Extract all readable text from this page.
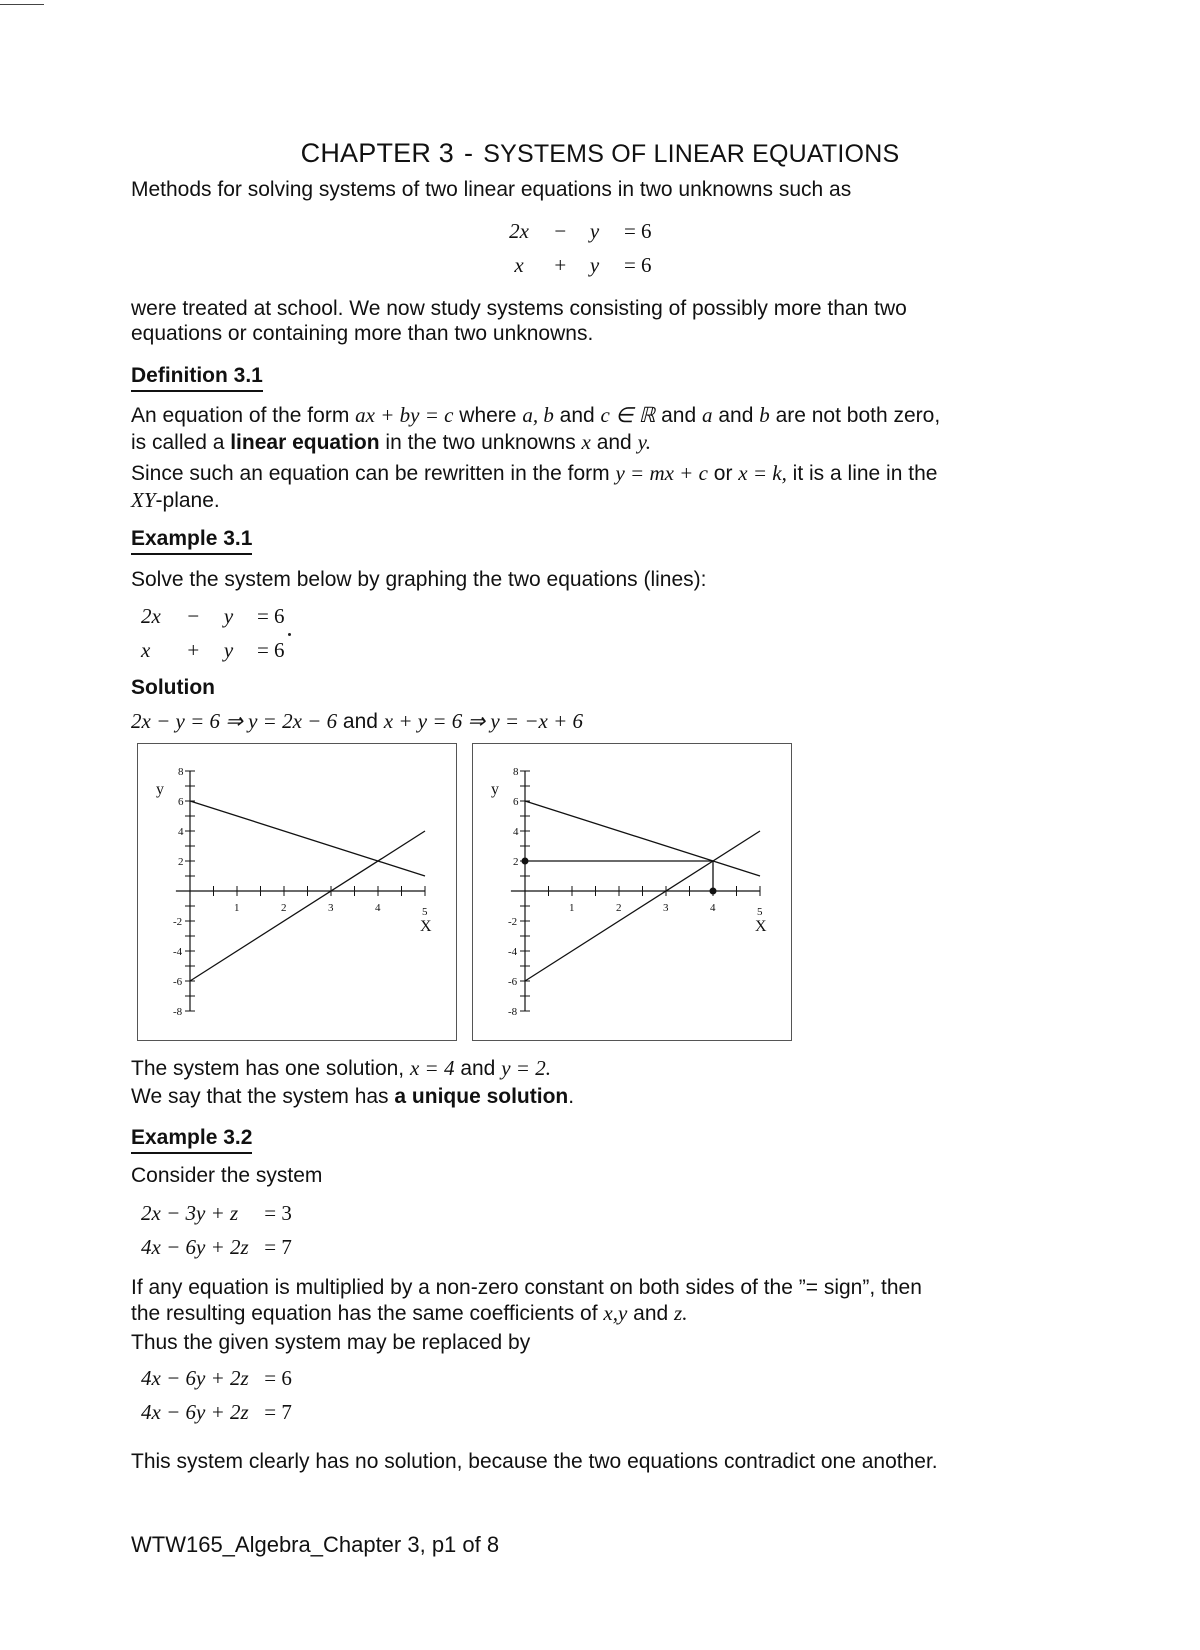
CHAPTER 3 - SYSTEMS OF LINEAR EQUATIONS
Methods for solving systems of two linear equations in two unknowns such as
2x − y = 6
x + y = 6
were treated at school. We now study systems consisting of possibly more than two
equations or containing more than two unknowns.
Definition 3.1
An equation of the form ax + by = c where a, b and c ∈ ℝ and a and b are not both zero,
is called a linear equation in the two unknowns x and y.
Since such an equation can be rewritten in the form y = mx + c or x = k, it is a line in the
XY-plane.
Example 3.1
Solve the system below by graphing the two equations (lines):
2x − y = 6
x + y = 6
Solution
2x − y = 6 ⇒ y = 2x − 6 and x + y = 6 ⇒ y = −x + 6
1	2	3	4	5
8
6
4
2
-2
-4
-6
-8
X
y
1	2	3	4	5
8
6
4
2
-2
-4
-6
-8
X
y
The system has one solution, x = 4 and y = 2.
We say that the system has a unique solution.
Example 3.2
Consider the system
2x − 3y + z = 3
4x − 6y + 2z = 7
If any equation is multiplied by a non-zero constant on both sides of the ”= sign”, then
the resulting equation has the same coefficients of x,y and z.
Thus the given system may be replaced by
4x − 6y + 2z = 6
4x − 6y + 2z = 7
This system clearly has no solution, because the two equations contradict one another.
WTW165_Algebra_Chapter 3, p1 of 8
